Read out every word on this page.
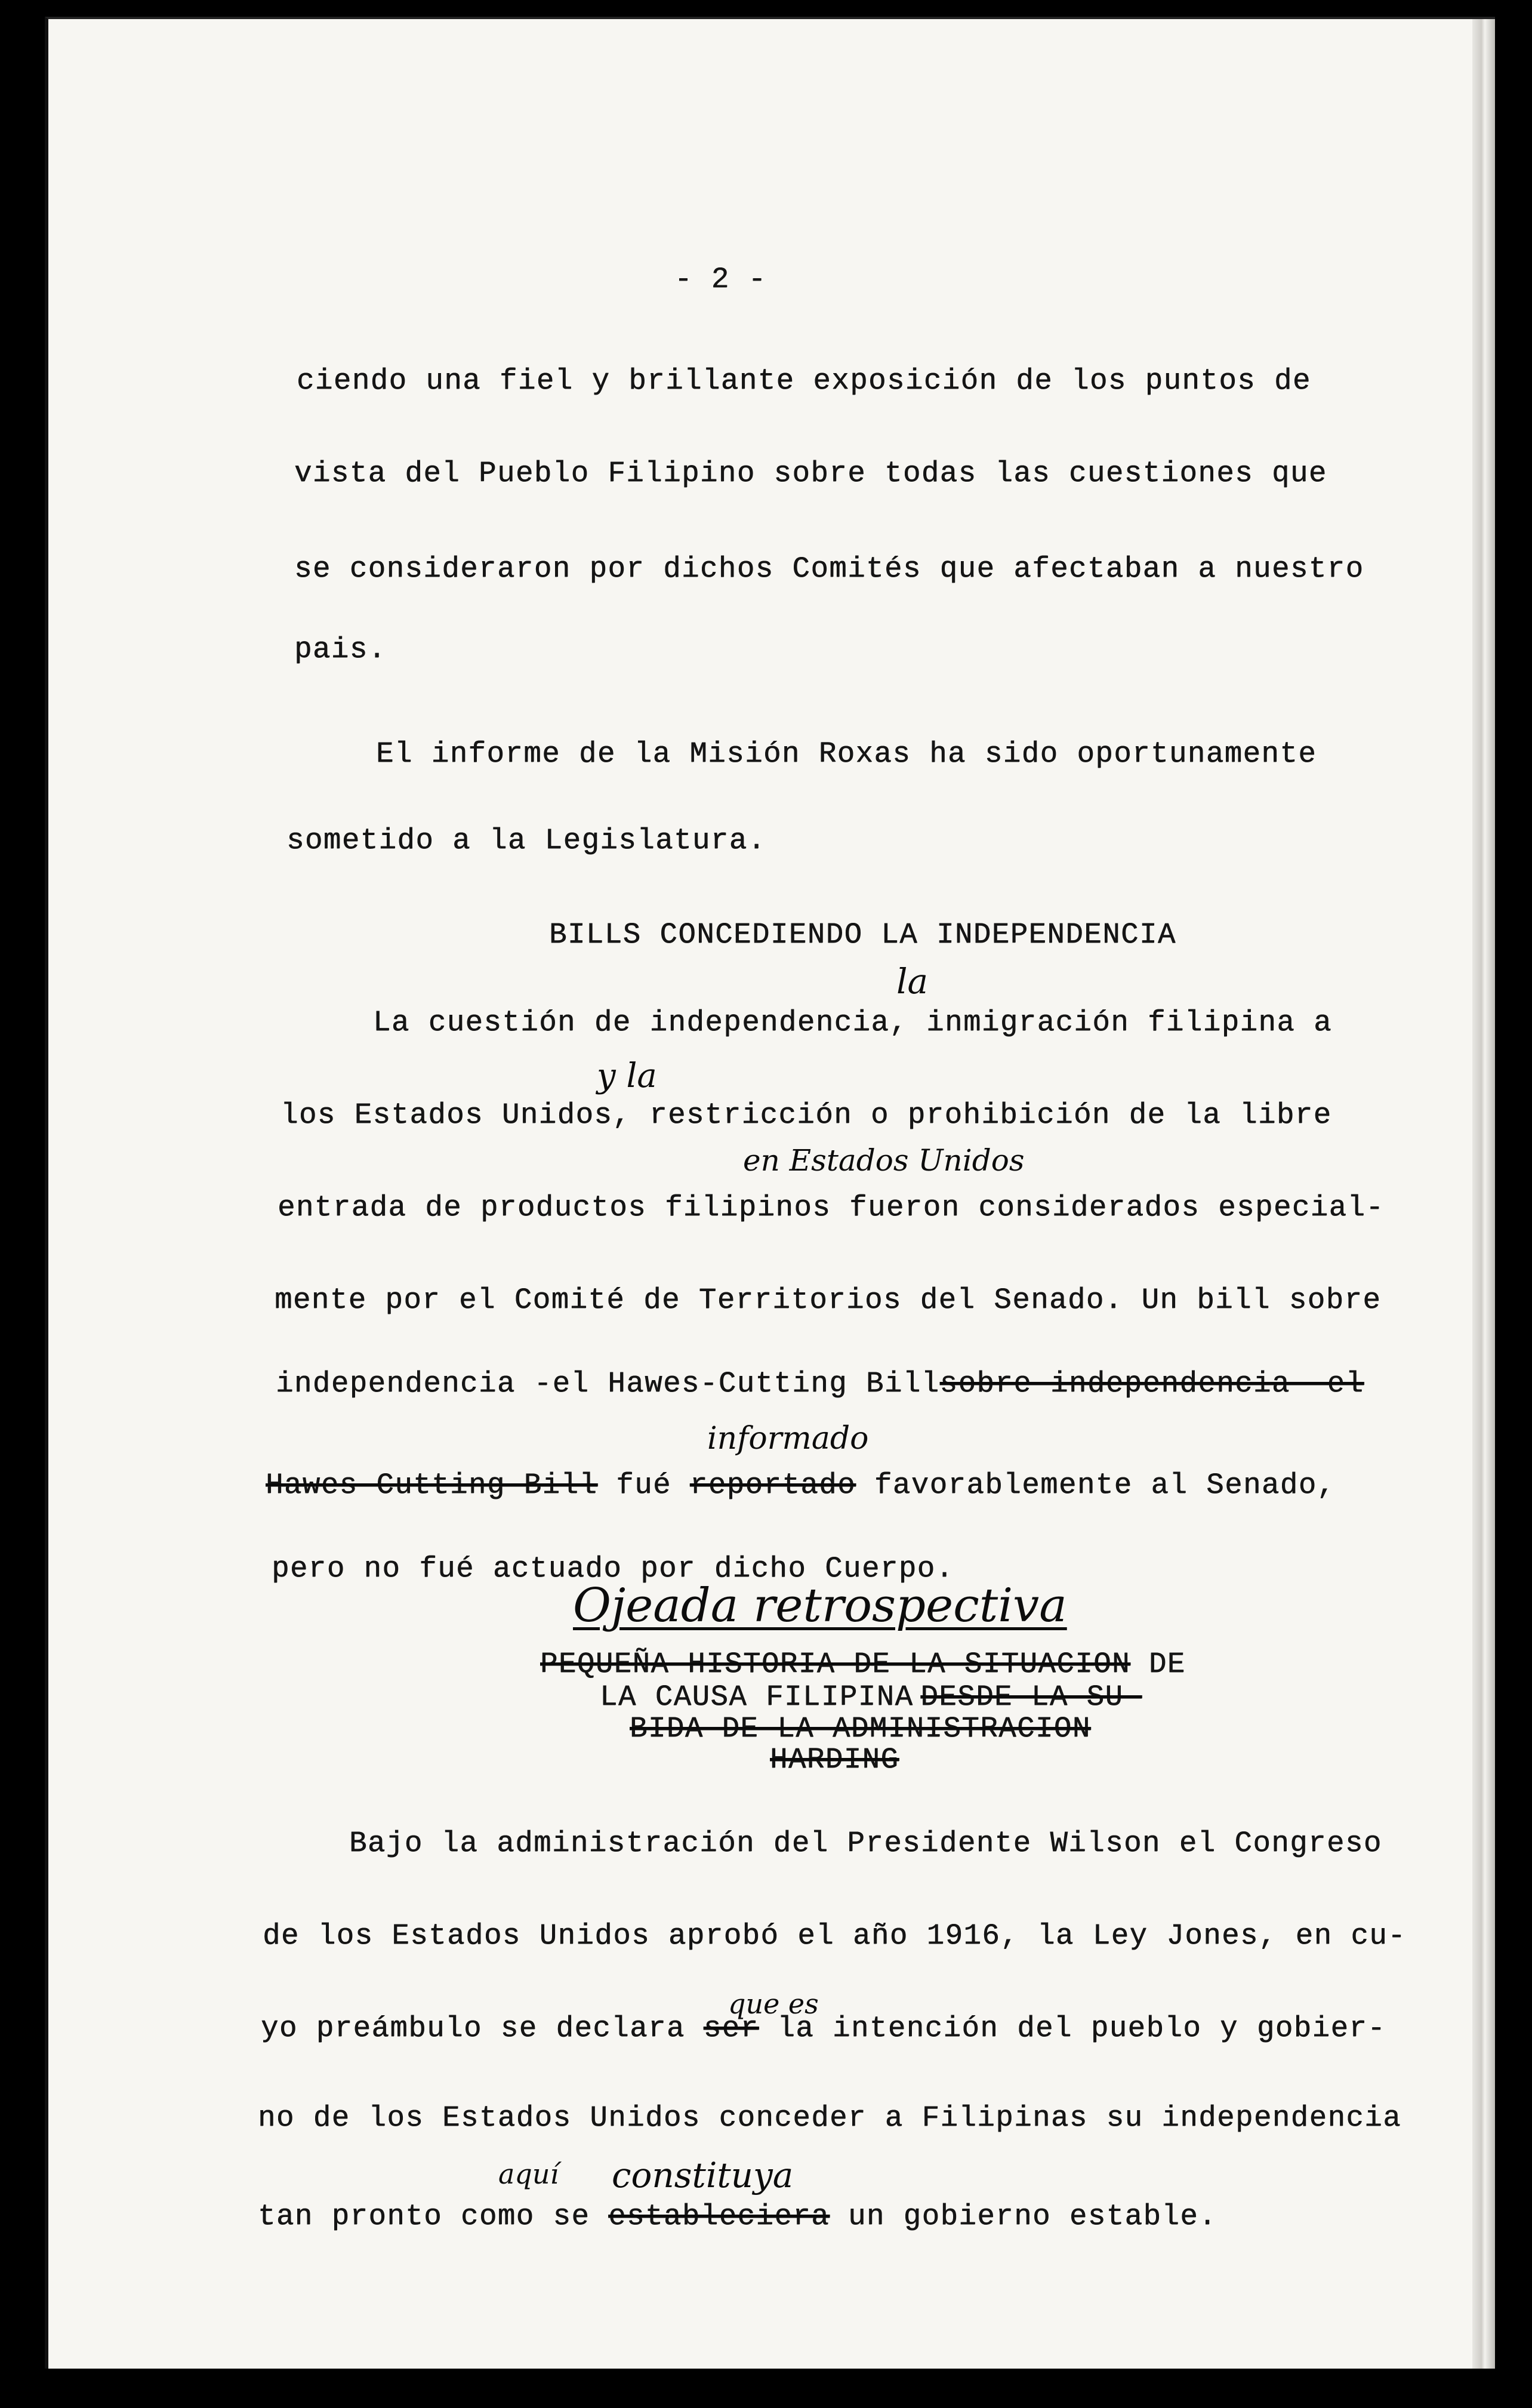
- 2 -
ciendo una fiel y brillante exposición de los puntos de
vista del Pueblo Filipino sobre todas las cuestiones que
se consideraron por dichos Comités que afectaban a nuestro
pais.
El informe de la Misión Roxas ha sido oportunamente
sometido a la Legislatura.
BILLS CONCEDIENDO LA INDEPENDENCIA
la
y la
en Estados Unidos
informado
La cuestión de independencia, inmigración filipina a
los Estados Unidos, restricción o prohibición de la libre
entrada de productos filipinos fueron considerados especial-
mente por el Comité de Territorios del Senado. Un bill sobre
independencia -el Hawes-Cutting Billsobre independencia- el
Hawes-Cutting Bill fué reportado favorablemente al Senado,
pero no fué actuado por dicho Cuerpo.
Ojeada retrospectiva
PEQUEÑA HISTORIA DE LA SITUACION DE
LA CAUSA FILIPINA DESDE LA SU-
BIDA DE LA ADMINISTRACION
HARDING
que es
aquí constituya
Bajo la administración del Presidente Wilson el Congreso
de los Estados Unidos aprobó el año 1916, la Ley Jones, en cu-
yo preámbulo se declara ser la intención del pueblo y gobier-
no de los Estados Unidos conceder a Filipinas su independencia
tan pronto como se estableciera un gobierno estable.
